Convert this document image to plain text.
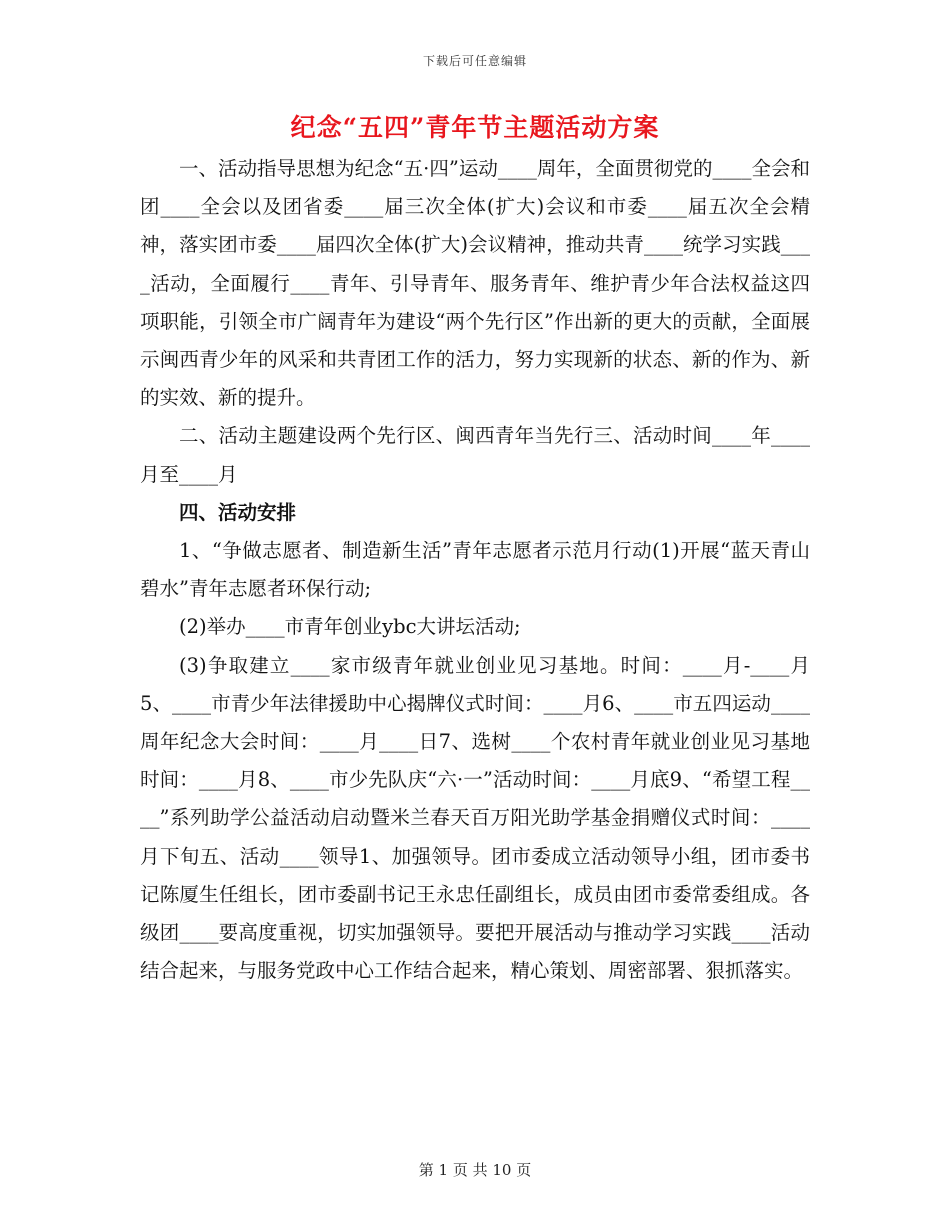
下载后可任意编辑
纪念“五四”青年节主题活动方案

一、活动指导思想为纪念“五·四”运动____周年，全面贯彻党的____全会和团____全会以及团省委____届三次全体(扩大)会议和市委____届五次全会精神，落实团市委____届四次全体(扩大)会议精神，推动共青____统学习实践____活动，全面履行____青年、引导青年、服务青年、维护青少年合法权益这四项职能，引领全市广阔青年为建设“两个先行区”作出新的更大的贡献，全面展示闽西青少年的风采和共青团工作的活力，努力实现新的状态、新的作为、新的实效、新的提升。

二、活动主题建设两个先行区、闽西青年当先行三、活动时间____年____月至____月

四、活动安排

1、“争做志愿者、制造新生活”青年志愿者示范月行动(1)开展“蓝天青山碧水”青年志愿者环保行动;

(2)举办____市青年创业ybc大讲坛活动;

(3)争取建立____家市级青年就业创业见习基地。时间：____月-____月5、____市青少年法律援助中心揭牌仪式时间：____月6、____市五四运动____周年纪念大会时间：____月____日7、选树____个农村青年就业创业见习基地时间：____月8、____市少先队庆“六·一”活动时间：____月底9、“希望工程____”系列助学公益活动启动暨米兰春天百万阳光助学基金捐赠仪式时间：____月下旬五、活动____领导1、加强领导。团市委成立活动领导小组，团市委书记陈厦生任组长，团市委副书记王永忠任副组长，成员由团市委常委组成。各级团____要高度重视，切实加强领导。要把开展活动与推动学习实践____活动结合起来，与服务党政中心工作结合起来，精心策划、周密部署、狠抓落实。

第 1 页 共 10 页
